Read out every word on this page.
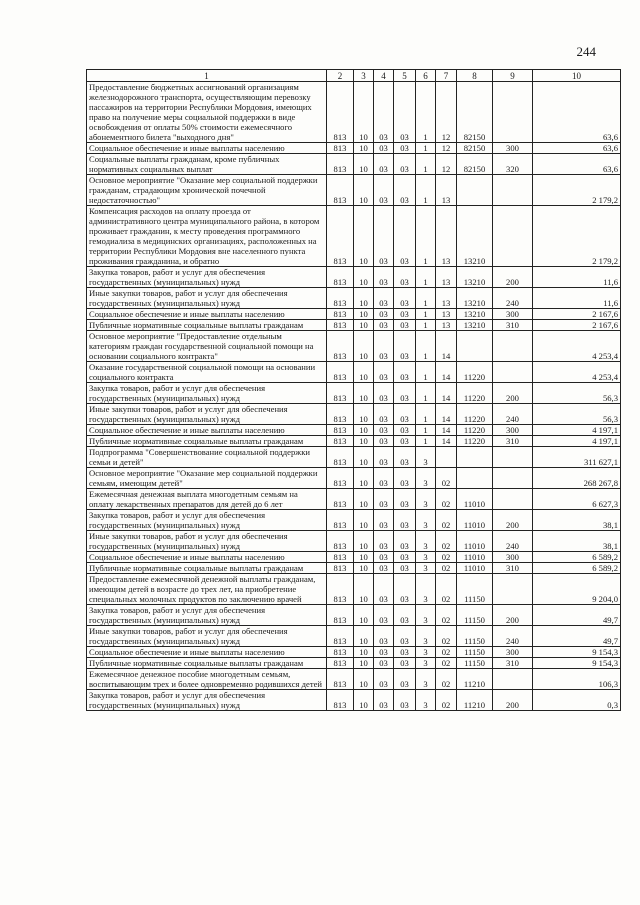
244
1	2	3	4	5	6	7	8	9	10
Предоставление бюджетных ассигнований организациям железнодорожного транспорта, осуществляющим перевозку пассажиров на территории Республики Мордовия, имеющих право на получение меры социальной поддержки в виде освобождения от оплаты 50% стоимости ежемесячного абонементного билета "выходного дня"	813	10	03	03	1	12	82150		63,6
Социальное обеспечение и иные выплаты населению	813	10	03	03	1	12	82150	300	63,6
Социальные выплаты гражданам, кроме публичных нормативных социальных выплат	813	10	03	03	1	12	82150	320	63,6
Основное мероприятие "Оказание мер социальной поддержки гражданам, страдающим хронической почечной недостаточностью"	813	10	03	03	1	13			2 179,2
Компенсация расходов на оплату проезда от административного центра муниципального района, в котором проживает гражданин, к месту проведения программного гемодиализа в медицинских организациях, расположенных на территории Республики Мордовия вне населенного пункта проживания гражданина, и обратно	813	10	03	03	1	13	13210		2 179,2
Закупка товаров, работ и услуг для обеспечения государственных (муниципальных) нужд	813	10	03	03	1	13	13210	200	11,6
Иные закупки товаров, работ и услуг для обеспечения государственных (муниципальных) нужд	813	10	03	03	1	13	13210	240	11,6
Социальное обеспечение и иные выплаты населению	813	10	03	03	1	13	13210	300	2 167,6
Публичные нормативные социальные выплаты гражданам	813	10	03	03	1	13	13210	310	2 167,6
Основное мероприятие "Предоставление отдельным категориям граждан государственной социальной помощи на основании социального контракта"	813	10	03	03	1	14			4 253,4
Оказание государственной социальной помощи на основании социального контракта	813	10	03	03	1	14	11220		4 253,4
Закупка товаров, работ и услуг для обеспечения государственных (муниципальных) нужд	813	10	03	03	1	14	11220	200	56,3
Иные закупки товаров, работ и услуг для обеспечения государственных (муниципальных) нужд	813	10	03	03	1	14	11220	240	56,3
Социальное обеспечение и иные выплаты населению	813	10	03	03	1	14	11220	300	4 197,1
Публичные нормативные социальные выплаты гражданам	813	10	03	03	1	14	11220	310	4 197,1
Подпрограмма "Совершенствование социальной поддержки семьи и детей"	813	10	03	03	3				311 627,1
Основное мероприятие "Оказание мер социальной поддержки семьям, имеющим детей"	813	10	03	03	3	02			268 267,8
Ежемесячная денежная выплата многодетным семьям на оплату лекарственных препаратов для детей до 6 лет	813	10	03	03	3	02	11010		6 627,3
Закупка товаров, работ и услуг для обеспечения государственных (муниципальных) нужд	813	10	03	03	3	02	11010	200	38,1
Иные закупки товаров, работ и услуг для обеспечения государственных (муниципальных) нужд	813	10	03	03	3	02	11010	240	38,1
Социальное обеспечение и иные выплаты населению	813	10	03	03	3	02	11010	300	6 589,2
Публичные нормативные социальные выплаты гражданам	813	10	03	03	3	02	11010	310	6 589,2
Предоставление ежемесячной денежной выплаты гражданам, имеющим детей в возрасте до трех лет, на приобретение специальных молочных продуктов по заключению врачей	813	10	03	03	3	02	11150		9 204,0
Закупка товаров, работ и услуг для обеспечения государственных (муниципальных) нужд	813	10	03	03	3	02	11150	200	49,7
Иные закупки товаров, работ и услуг для обеспечения государственных (муниципальных) нужд	813	10	03	03	3	02	11150	240	49,7
Социальное обеспечение и иные выплаты населению	813	10	03	03	3	02	11150	300	9 154,3
Публичные нормативные социальные выплаты гражданам	813	10	03	03	3	02	11150	310	9 154,3
Ежемесячное денежное пособие многодетным семьям, воспитывающим трех и более одновременно родившихся детей	813	10	03	03	3	02	11210		106,3
Закупка товаров, работ и услуг для обеспечения государственных (муниципальных) нужд	813	10	03	03	3	02	11210	200	0,3
